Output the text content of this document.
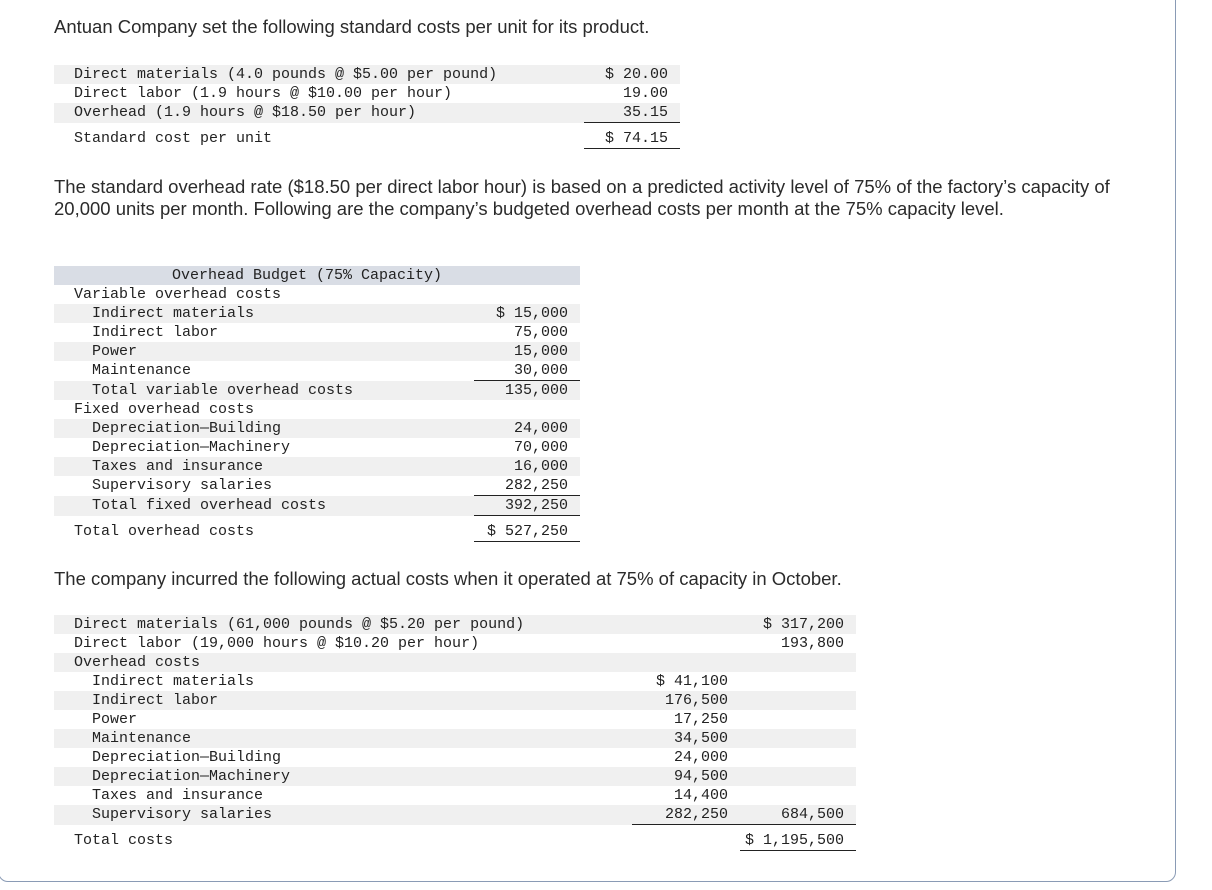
Antuan Company set the following standard costs per unit for its product.

Direct materials (4.0 pounds @ $5.00 per pound)	$ 20.00
Direct labor (1.9 hours @ $10.00 per hour)	19.00
Overhead (1.9 hours @ $18.50 per hour)	35.15

Standard cost per unit	$ 74.15

The standard overhead rate ($18.50 per direct labor hour) is based on a predicted activity level of 75% of the factory’s capacity of 20,000 units per month. Following are the company’s budgeted overhead costs per month at the 75% capacity level.

Overhead Budget (75% Capacity)	
Variable overhead costs	
Indirect materials	$ 15,000
Indirect labor	75,000
Power	15,000
Maintenance	30,000
Total variable overhead costs	135,000
Fixed overhead costs	
Depreciation—Building	24,000
Depreciation—Machinery	70,000
Taxes and insurance	16,000
Supervisory salaries	282,250
Total fixed overhead costs	392,250

Total overhead costs	$ 527,250

The company incurred the following actual costs when it operated at 75% of capacity in October.

Direct materials (61,000 pounds @ $5.20 per pound)		$ 317,200
Direct labor (19,000 hours @ $10.20 per hour)		193,800
Overhead costs		
Indirect materials	$ 41,100	
Indirect labor	176,500	
Power	17,250	
Maintenance	34,500	
Depreciation—Building	24,000	
Depreciation—Machinery	94,500	
Taxes and insurance	14,400	
Supervisory salaries	282,250	684,500

Total costs		$ 1,195,500
